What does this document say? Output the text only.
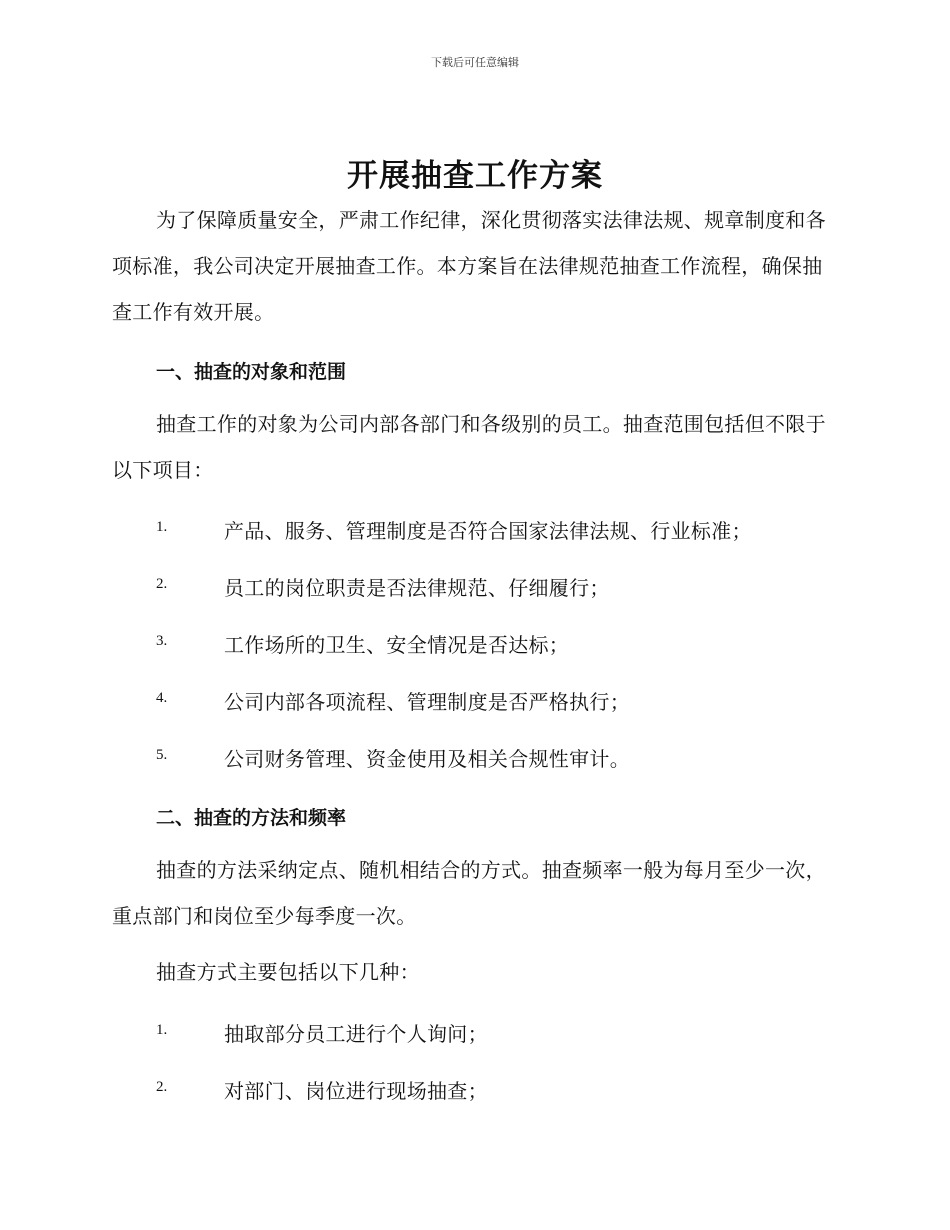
下载后可任意编辑
开展抽查工作方案
为了保障质量安全，严肃工作纪律，深化贯彻落实法律法规、规章制度和各项标准，我公司决定开展抽查工作。本方案旨在法律规范抽查工作流程，确保抽查工作有效开展。
一、抽查的对象和范围
抽查工作的对象为公司内部各部门和各级别的员工。抽查范围包括但不限于以下项目：
1.	产品、服务、管理制度是否符合国家法律法规、行业标准；
2.	员工的岗位职责是否法律规范、仔细履行；
3.	工作场所的卫生、安全情况是否达标；
4.	公司内部各项流程、管理制度是否严格执行；
5.	公司财务管理、资金使用及相关合规性审计。
二、抽查的方法和频率
抽查的方法采纳定点、随机相结合的方式。抽查频率一般为每月至少一次，重点部门和岗位至少每季度一次。
抽查方式主要包括以下几种：
1.	抽取部分员工进行个人询问；
2.	对部门、岗位进行现场抽查；
